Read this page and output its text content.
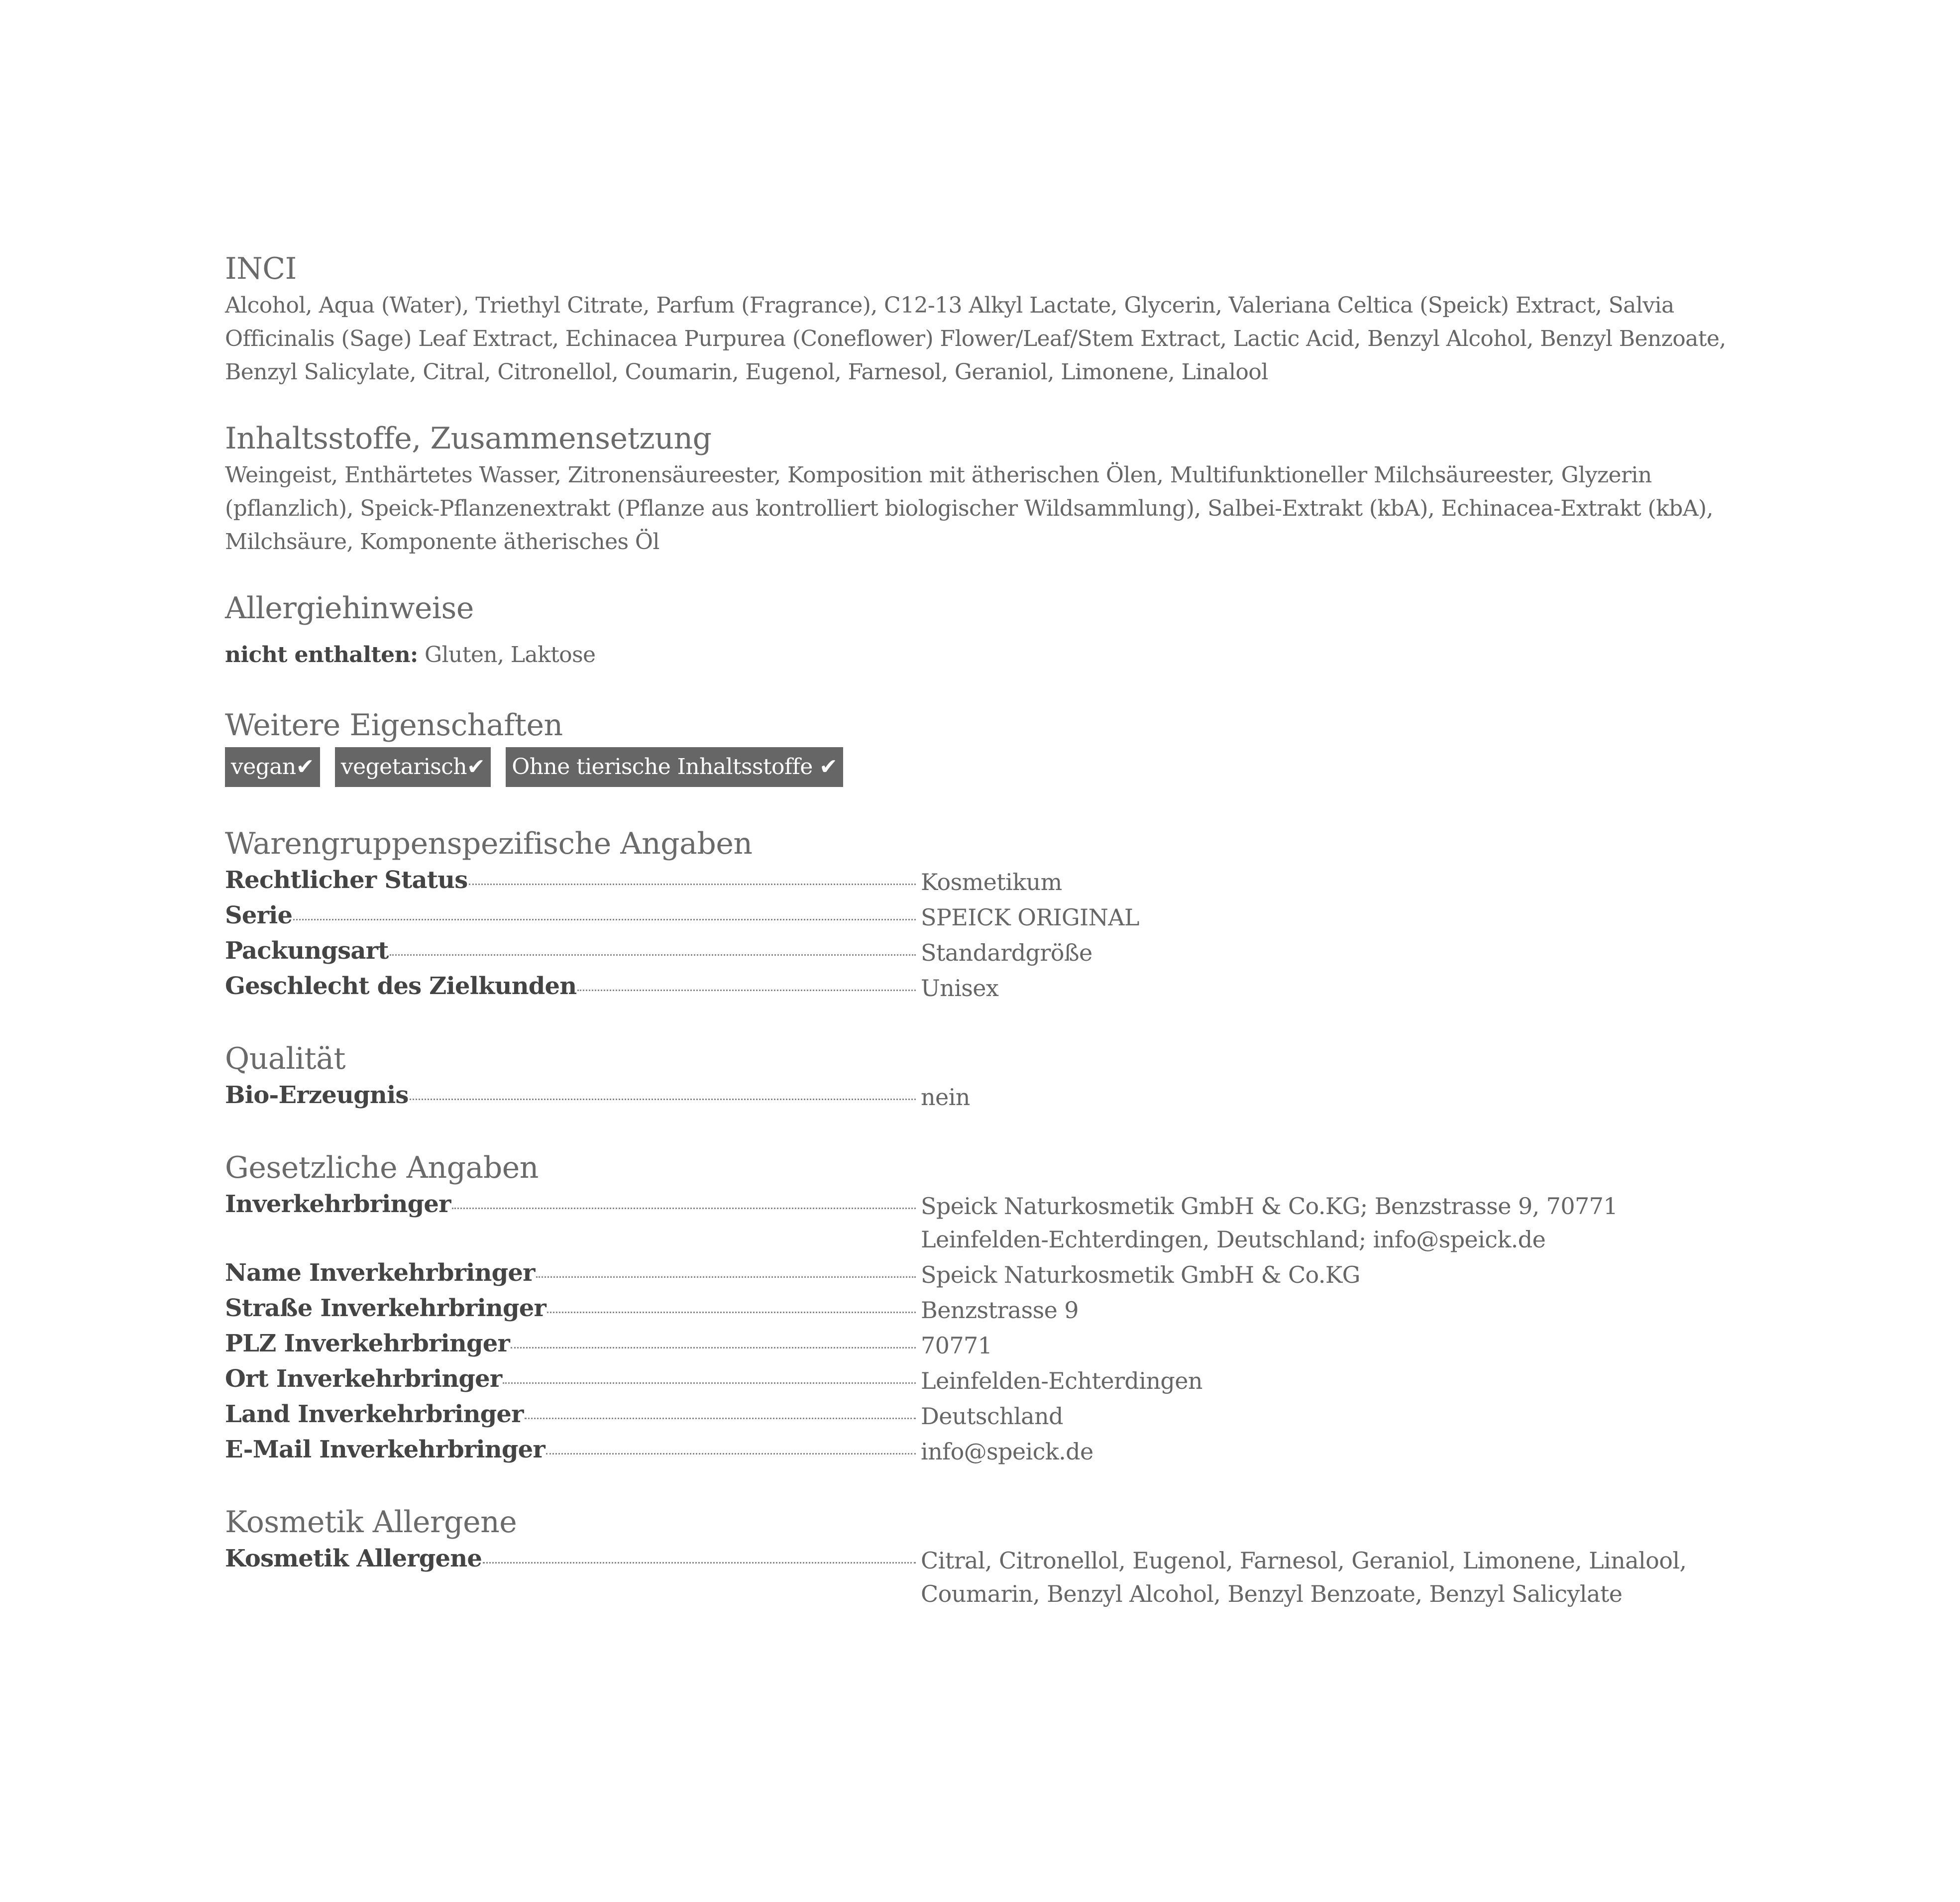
INCI

Alcohol, Aqua (Water), Triethyl Citrate, Parfum (Fragrance), C12-13 Alkyl Lactate, Glycerin, Valeriana Celtica (Speick) Extract, Salvia Officinalis (Sage) Leaf Extract, Echinacea Purpurea (Coneflower) Flower/Leaf/Stem Extract, Lactic Acid, Benzyl Alcohol, Benzyl Benzoate, Benzyl Salicylate, Citral, Citronellol, Coumarin, Eugenol, Farnesol, Geraniol, Limonene, Linalool

Inhaltsstoffe, Zusammensetzung

Weingeist, Enthärtetes Wasser, Zitronensäureester, Komposition mit ätherischen Ölen, Multifunktioneller Milchsäureester, Glyzerin (pflanzlich), Speick-Pflanzenextrakt (Pflanze aus kontrolliert biologischer Wildsammlung), Salbei-Extrakt (kbA), Echinacea-Extrakt (kbA), Milchsäure, Komponente ätherisches Öl

Allergiehinweise
nicht enthalten: Gluten, Laktose
Weitere Eigenschaften
vegan✔ vegetarisch✔ Ohne tierische Inhaltsstoffe ✔
Warengruppenspezifische Angaben
Rechtlicher Status	Kosmetikum
Serie	SPEICK ORIGINAL
Packungsart	Standardgröße
Geschlecht des Zielkunden	Unisex
Qualität
Bio-Erzeugnis	nein
Gesetzliche Angaben
Inverkehrbringer	Speick Naturkosmetik GmbH & Co.KG; Benzstrasse 9, 70771 Leinfelden-Echterdingen, Deutschland; info@speick.de
Name Inverkehrbringer	Speick Naturkosmetik GmbH & Co.KG
Straße Inverkehrbringer	Benzstrasse 9
PLZ Inverkehrbringer	70771
Ort Inverkehrbringer	Leinfelden-Echterdingen
Land Inverkehrbringer	Deutschland
E-Mail Inverkehrbringer	info@speick.de
Kosmetik Allergene
Kosmetik Allergene	Citral, Citronellol, Eugenol, Farnesol, Geraniol, Limonene, Linalool, Coumarin, Benzyl Alcohol, Benzyl Benzoate, Benzyl Salicylate
